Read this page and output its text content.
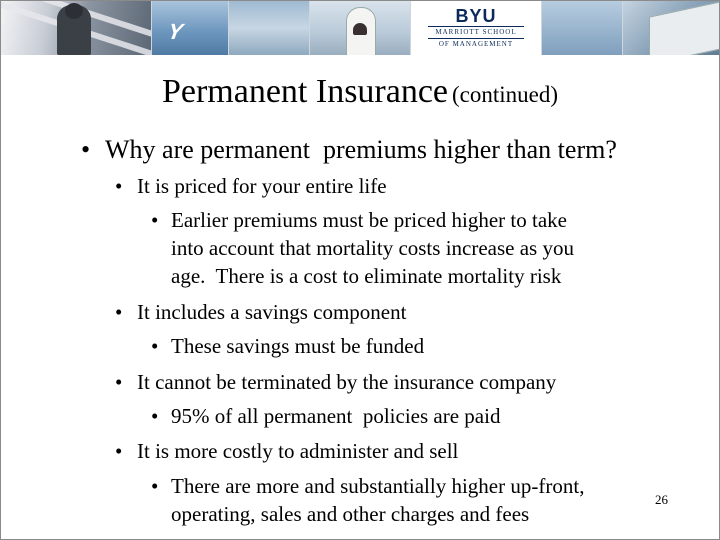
Y
BYU
MARRIOTT SCHOOL
OF MANAGEMENT
Permanent Insurance (continued)
• Why are permanent  premiums higher than term?
• It is priced for your entire life
• Earlier premiums must be priced higher to take
into account that mortality costs increase as you
age.  There is a cost to eliminate mortality risk
• It includes a savings component
• These savings must be funded
• It cannot be terminated by the insurance company
• 95% of all permanent  policies are paid
• It is more costly to administer and sell
• There are more and substantially higher up-front,
operating, sales and other charges and fees
26
